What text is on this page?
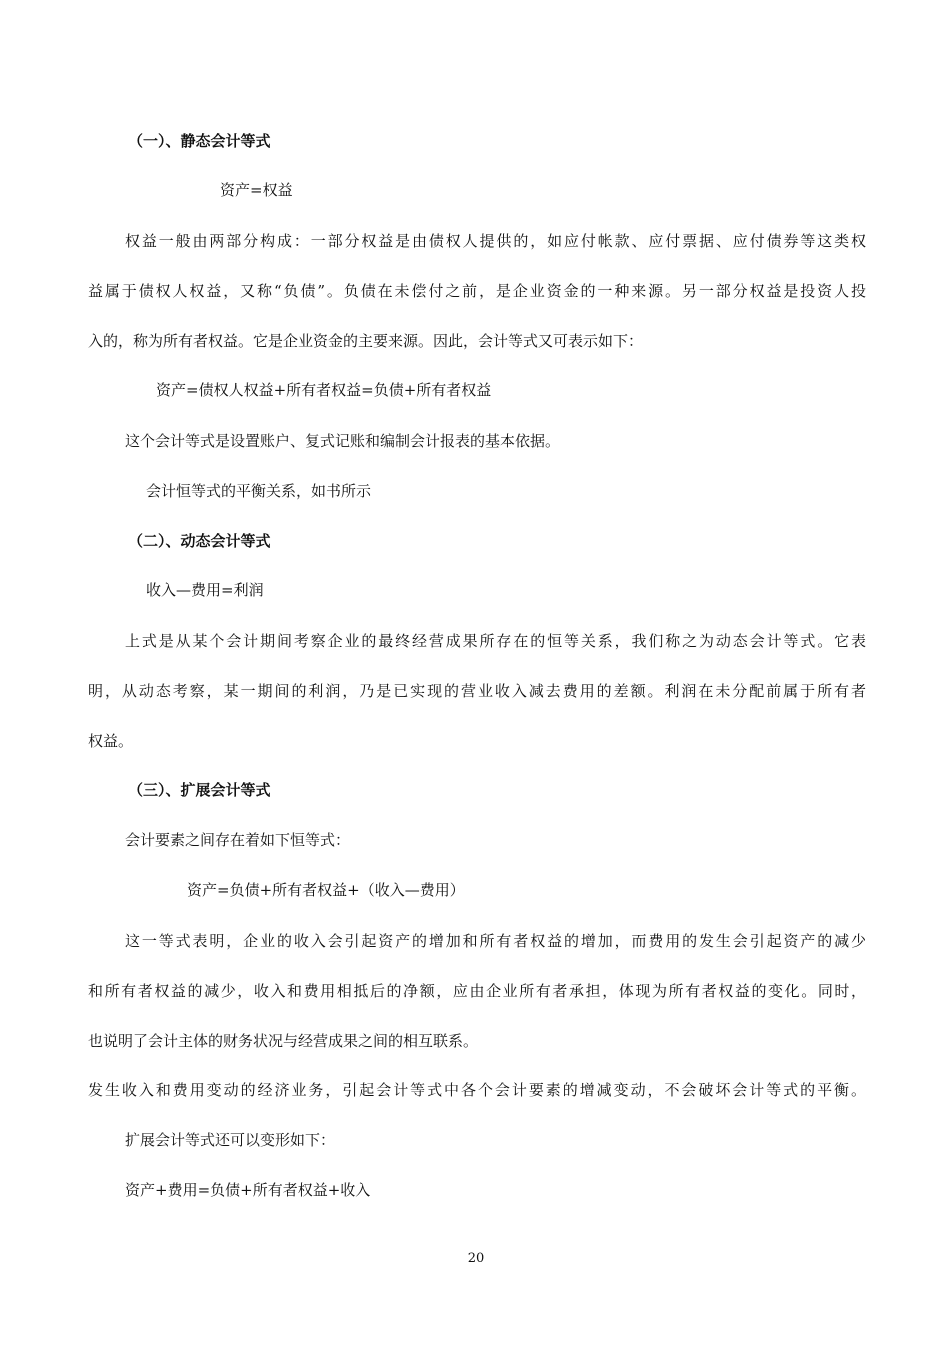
（一）、静态会计等式
资产=权益
权益一般由两部分构成：一部分权益是由债权人提供的，如应付帐款、应付票据、应付债券等这类权
益属于债权人权益，又称“负债”。负债在未偿付之前，是企业资金的一种来源。另一部分权益是投资人投
入的，称为所有者权益。它是企业资金的主要来源。因此，会计等式又可表示如下：
资产=债权人权益+所有者权益=负债+所有者权益
这个会计等式是设置账户、复式记账和编制会计报表的基本依据。
会计恒等式的平衡关系，如书所示
（二）、动态会计等式
收入—费用=利润
上式是从某个会计期间考察企业的最终经营成果所存在的恒等关系，我们称之为动态会计等式。它表
明，从动态考察，某一期间的利润，乃是已实现的营业收入减去费用的差额。利润在未分配前属于所有者
权益。
（三）、扩展会计等式
会计要素之间存在着如下恒等式：
资产=负债+所有者权益+（收入—费用）
这一等式表明，企业的收入会引起资产的增加和所有者权益的增加，而费用的发生会引起资产的减少
和所有者权益的减少，收入和费用相抵后的净额，应由企业所有者承担，体现为所有者权益的变化。同时，
也说明了会计主体的财务状况与经营成果之间的相互联系。
发生收入和费用变动的经济业务，引起会计等式中各个会计要素的增减变动，不会破坏会计等式的平衡。
扩展会计等式还可以变形如下：
资产+费用=负债+所有者权益+收入
20
